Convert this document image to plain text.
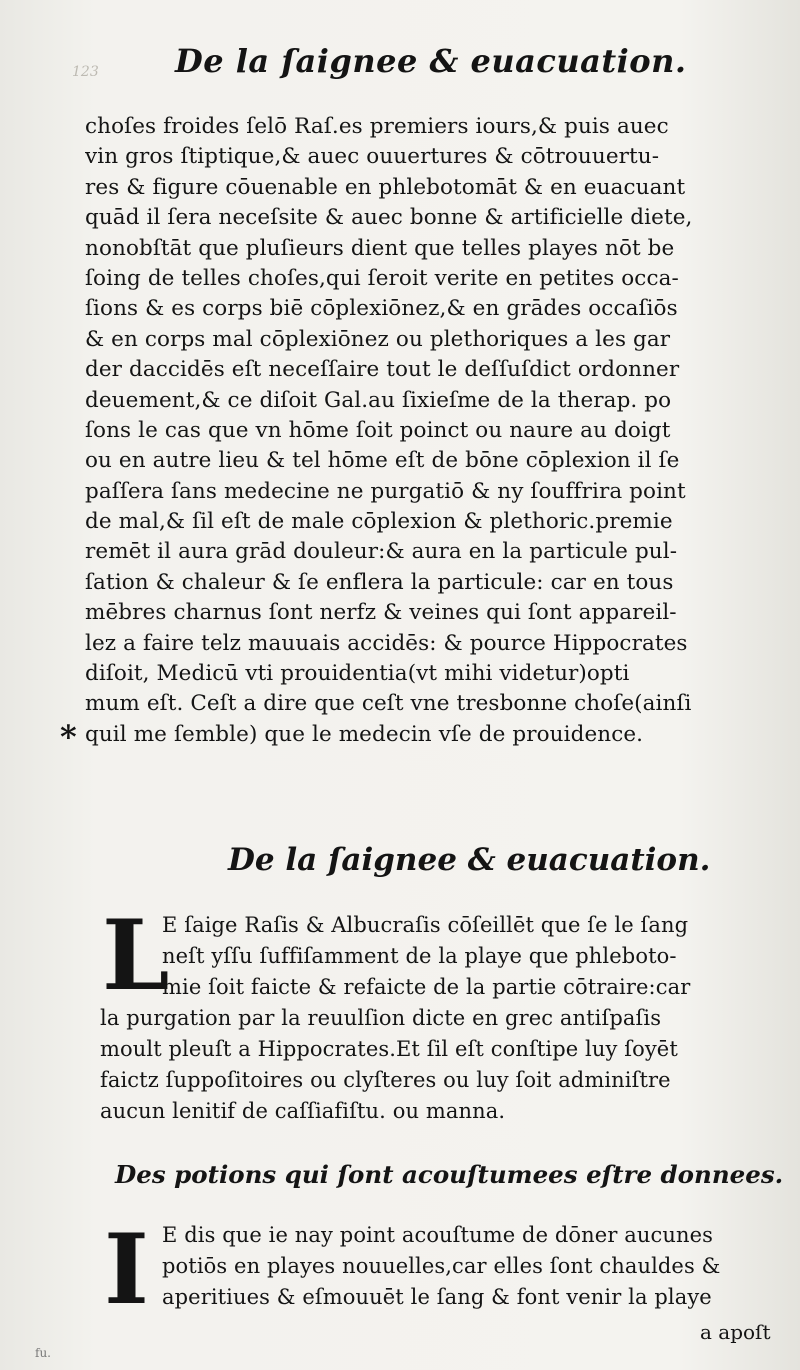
123 De la ſaignee & euacuation.
choſes froides ſelō Raſ.es premiers iours,& puis auec
vin gros ſtiptique,& auec ouuertures & cōtrouuertu-
res & figure cōuenable en phlebotomāt & en euacuant
quād il ſera neceſsite & auec bonne & artificielle diete,
nonobſtāt que pluſieurs dient que telles playes nōt be
ſoing de telles choſes,qui ſeroit verite en petites occa-
ſions & es corps biē cōplexiōnez,& en grādes occaſiōs
& en corps mal cōplexiōnez ou plethoriques a les gar
der daccidēs eſt neceſſaire tout le deſſuſdict ordonner
deuement,& ce diſoit Gal.au ſixieſme de la therap. po
ſons le cas que vn hōme ſoit poinct ou naure au doigt
ou en autre lieu & tel hōme eſt de bōne cōplexion il ſe
paſſera ſans medecine ne purgatiō & ny ſouffrira point
de mal,& ſil eſt de male cōplexion & plethoric.premie
remēt il aura grād douleur:& aura en la particule pul-
ſation & chaleur & ſe enflera la particule: car en tous
mēbres charnus ſont nerfz & veines qui ſont appareil-
lez a faire telz mauuais accidēs: & pource Hippocrates
diſoit, Medicū vti prouidentia(vt mihi videtur)opti
mum eſt. Ceſt a dire que ceſt vne tresbonne choſe(ainſi
quil me ſemble) que le medecin vſe de prouidence.
*
De la ſaignee & euacuation.
L
E ſaige Raſis & Albucraſis cōſeillēt que ſe le ſang
neſt yſſu ſuffiſamment de la playe que phleboto-
mie ſoit faicte & refaicte de la partie cōtraire:car
la purgation par la reuulſion dicte en grec antiſpaſis
moult pleuſt a Hippocrates.Et ſil eſt conſtipe luy ſoyēt
faictz ſuppoſitoires ou clyſteres ou luy ſoit adminiſtre
aucun lenitif de caſſiafiſtu. ou manna.
Des potions qui ſont acouſtumees eſtre donnees.
I E dis que ie nay point acouſtume de dōner aucunes
potiōs en playes nouuelles,car elles ſont chauldes &
aperitiues & eſmouuēt le ſang & font venir la playe
a apoſt
fu.
